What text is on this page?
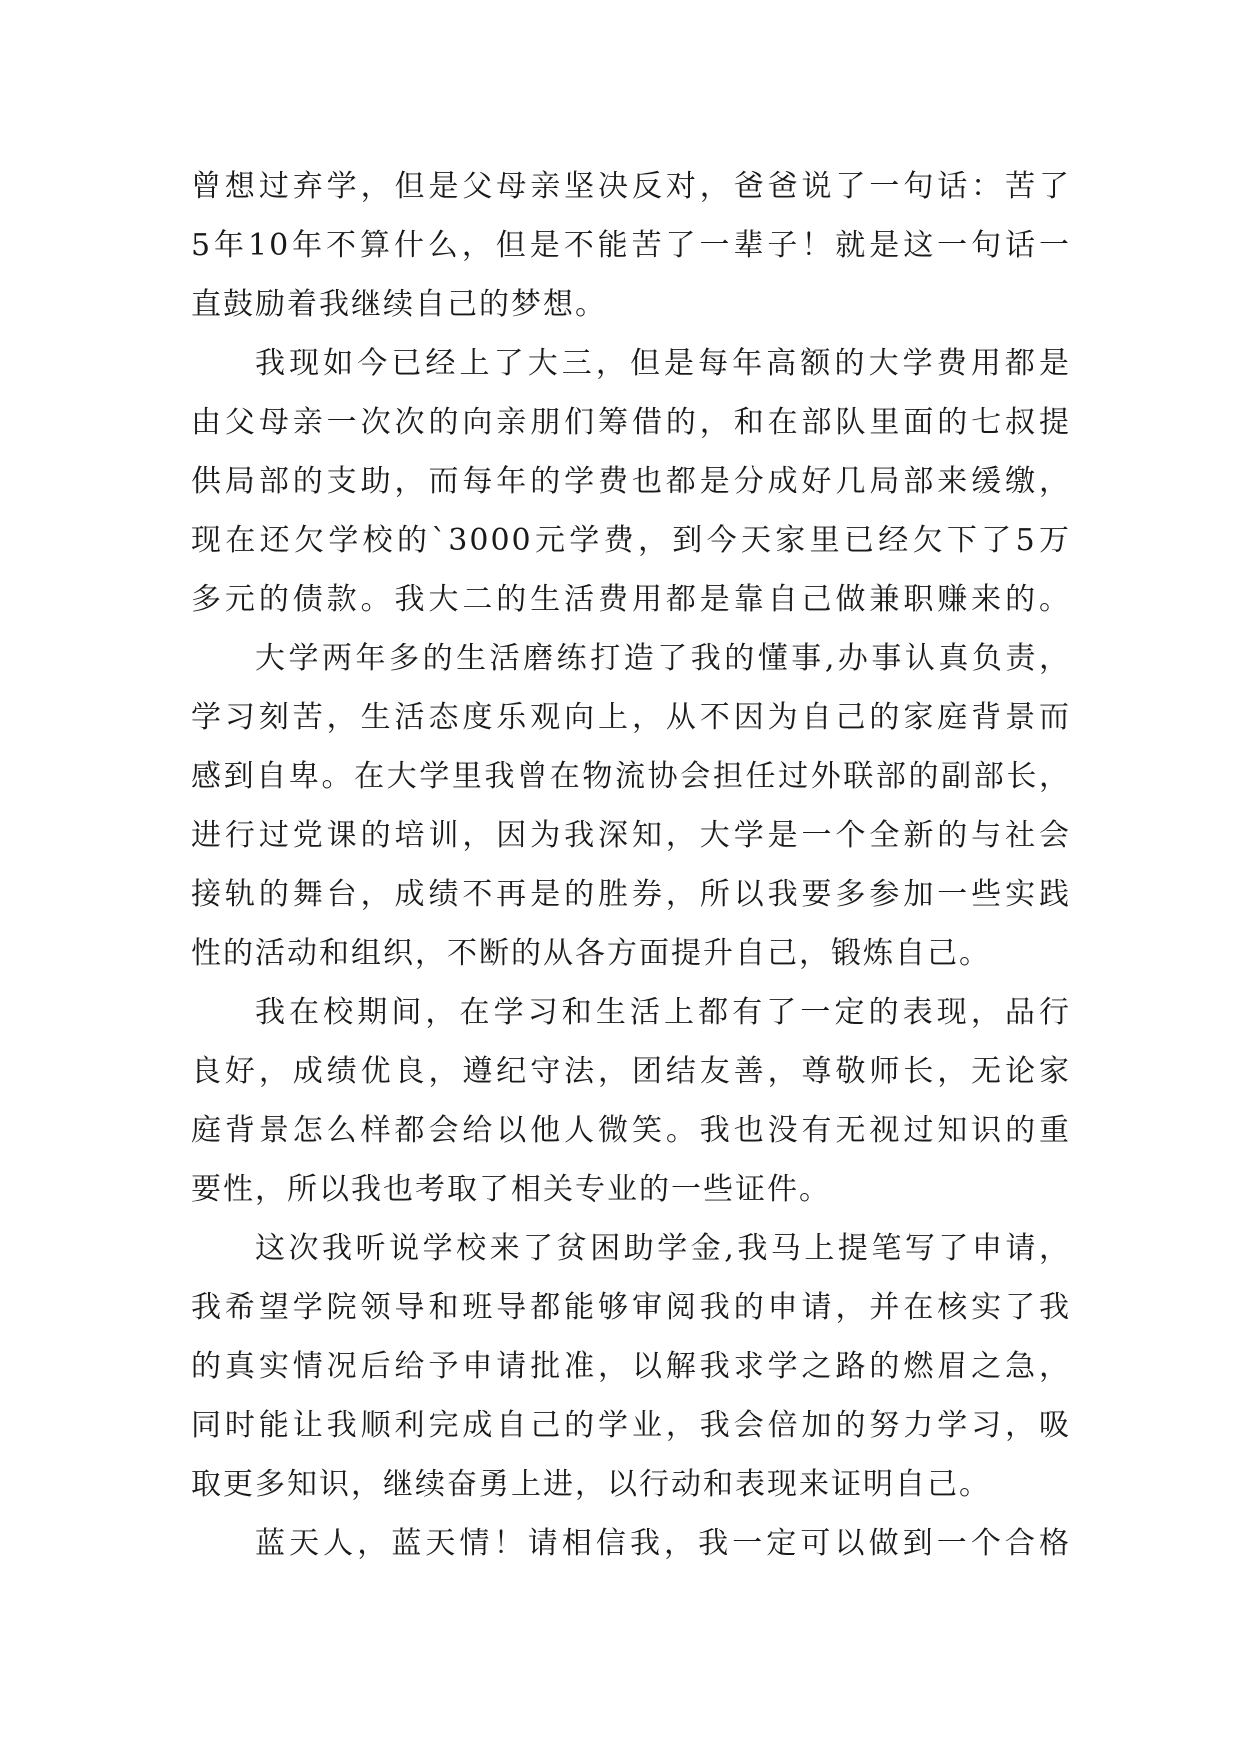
曾想过弃学，但是父母亲坚决反对，爸爸说了一句话：苦了
5年10年不算什么，但是不能苦了一辈子！就是这一句话一
直鼓励着我继续自己的梦想。
我现如今已经上了大三，但是每年高额的大学费用都是
由父母亲一次次的向亲朋们筹借的，和在部队里面的七叔提
供局部的支助，而每年的学费也都是分成好几局部来缓缴，
现在还欠学校的`3000元学费，到今天家里已经欠下了5万
多元的债款。我大二的生活费用都是靠自己做兼职赚来的。
大学两年多的生活磨练打造了我的懂事,办事认真负责，
学习刻苦，生活态度乐观向上，从不因为自己的家庭背景而
感到自卑。在大学里我曾在物流协会担任过外联部的副部长，
进行过党课的培训，因为我深知，大学是一个全新的与社会
接轨的舞台，成绩不再是的胜券，所以我要多参加一些实践
性的活动和组织，不断的从各方面提升自己，锻炼自己。
我在校期间，在学习和生活上都有了一定的表现，品行
良好，成绩优良，遵纪守法，团结友善，尊敬师长，无论家
庭背景怎么样都会给以他人微笑。我也没有无视过知识的重
要性，所以我也考取了相关专业的一些证件。
这次我听说学校来了贫困助学金,我马上提笔写了申请，
我希望学院领导和班导都能够审阅我的申请，并在核实了我
的真实情况后给予申请批准，以解我求学之路的燃眉之急，
同时能让我顺利完成自己的学业，我会倍加的努力学习，吸
取更多知识，继续奋勇上进，以行动和表现来证明自己。
蓝天人，蓝天情！请相信我，我一定可以做到一个合格
